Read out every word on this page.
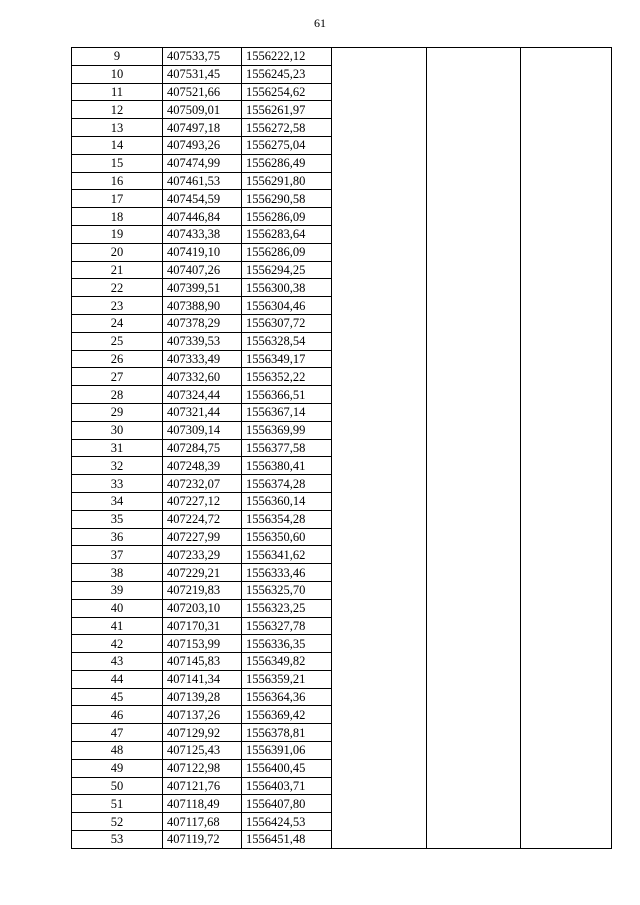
61
9	407533,75	1556222,12			
10	407531,45	1556245,23			
11	407521,66	1556254,62			
12	407509,01	1556261,97			
13	407497,18	1556272,58			
14	407493,26	1556275,04			
15	407474,99	1556286,49			
16	407461,53	1556291,80			
17	407454,59	1556290,58			
18	407446,84	1556286,09			
19	407433,38	1556283,64			
20	407419,10	1556286,09			
21	407407,26	1556294,25			
22	407399,51	1556300,38			
23	407388,90	1556304,46			
24	407378,29	1556307,72			
25	407339,53	1556328,54			
26	407333,49	1556349,17			
27	407332,60	1556352,22			
28	407324,44	1556366,51			
29	407321,44	1556367,14			
30	407309,14	1556369,99			
31	407284,75	1556377,58			
32	407248,39	1556380,41			
33	407232,07	1556374,28			
34	407227,12	1556360,14			
35	407224,72	1556354,28			
36	407227,99	1556350,60			
37	407233,29	1556341,62			
38	407229,21	1556333,46			
39	407219,83	1556325,70			
40	407203,10	1556323,25			
41	407170,31	1556327,78			
42	407153,99	1556336,35			
43	407145,83	1556349,82			
44	407141,34	1556359,21			
45	407139,28	1556364,36			
46	407137,26	1556369,42			
47	407129,92	1556378,81			
48	407125,43	1556391,06			
49	407122,98	1556400,45			
50	407121,76	1556403,71			
51	407118,49	1556407,80			
52	407117,68	1556424,53			
53	407119,72	1556451,48			
